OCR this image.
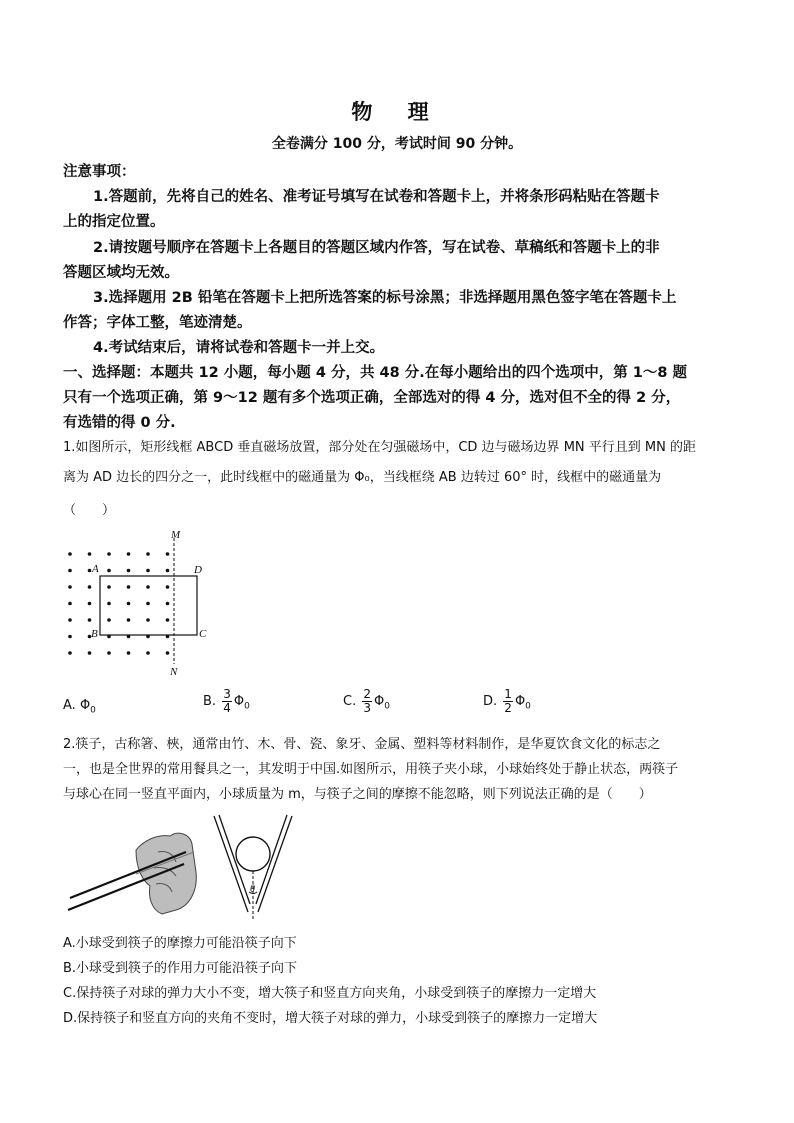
物 理
全卷满分 100 分，考试时间 90 分钟。
注意事项：
1.答题前，先将自己的姓名、准考证号填写在试卷和答题卡上，并将条形码粘贴在答题卡
上的指定位置。
2.请按题号顺序在答题卡上各题目的答题区域内作答，写在试卷、草稿纸和答题卡上的非
答题区域均无效。
3.选择题用 2B 铅笔在答题卡上把所选答案的标号涂黑；非选择题用黑色签字笔在答题卡上
作答；字体工整，笔迹清楚。
4.考试结束后，请将试卷和答题卡一并上交。
一、选择题：本题共 12 小题，每小题 4 分，共 48 分.在每小题给出的四个选项中，第 1～8 题
只有一个选项正确，第 9～12 题有多个选项正确，全部选对的得 4 分，选对但不全的得 2 分，
有选错的得 0 分.
1.如图所示，矩形线框 ABCD 垂直磁场放置，部分处在匀强磁场中，CD 边与磁场边界 MN 平行且到 MN 的距
离为 AD 边长的四分之一，此时线框中的磁通量为 Φ₀，当线框绕 AB 边转过 60° 时，线框中的磁通量为
（　　）
M
N
A	D
B	C
A. $\Phi_0$
B. $\frac{3}{4} \Phi_0$	C. $\frac{2}{3} \Phi_0$	D. $\frac{1}{2} \Phi_0$
2.筷子，古称箸、梜，通常由竹、木、骨、瓷、象牙、金属、塑料等材料制作，是华夏饮食文化的标志之
一，也是全世界的常用餐具之一，其发明于中国.如图所示，用筷子夹小球，小球始终处于静止状态，两筷子
与球心在同一竖直平面内，小球质量为 m，与筷子之间的摩擦不能忽略，则下列说法正确的是（　　）
θ
A.小球受到筷子的摩擦力可能沿筷子向下
B.小球受到筷子的作用力可能沿筷子向下
C.保持筷子对球的弹力大小不变，增大筷子和竖直方向夹角，小球受到筷子的摩擦力一定增大
D.保持筷子和竖直方向的夹角不变时，增大筷子对球的弹力，小球受到筷子的摩擦力一定增大
